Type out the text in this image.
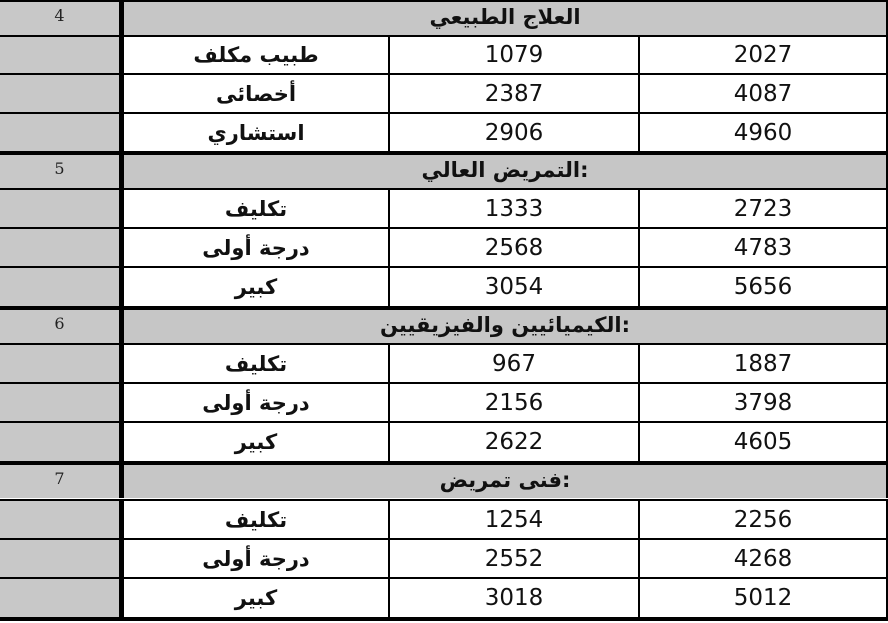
4	العلاج الطبيعي
طبيب مكلف	1079	2027
أخصائى	2387	4087
استشاري	2906	4960
5	:التمريض العالي
تكليف	1333	2723
درجة أولى	2568	4783
كبير	3054	5656
6	:الكيميائيين والفيزيقيين
تكليف	967	1887
درجة أولى	2156	3798
كبير	2622	4605
7	:فنى تمريض
تكليف	1254	2256
درجة أولى	2552	4268
كبير	3018	5012
